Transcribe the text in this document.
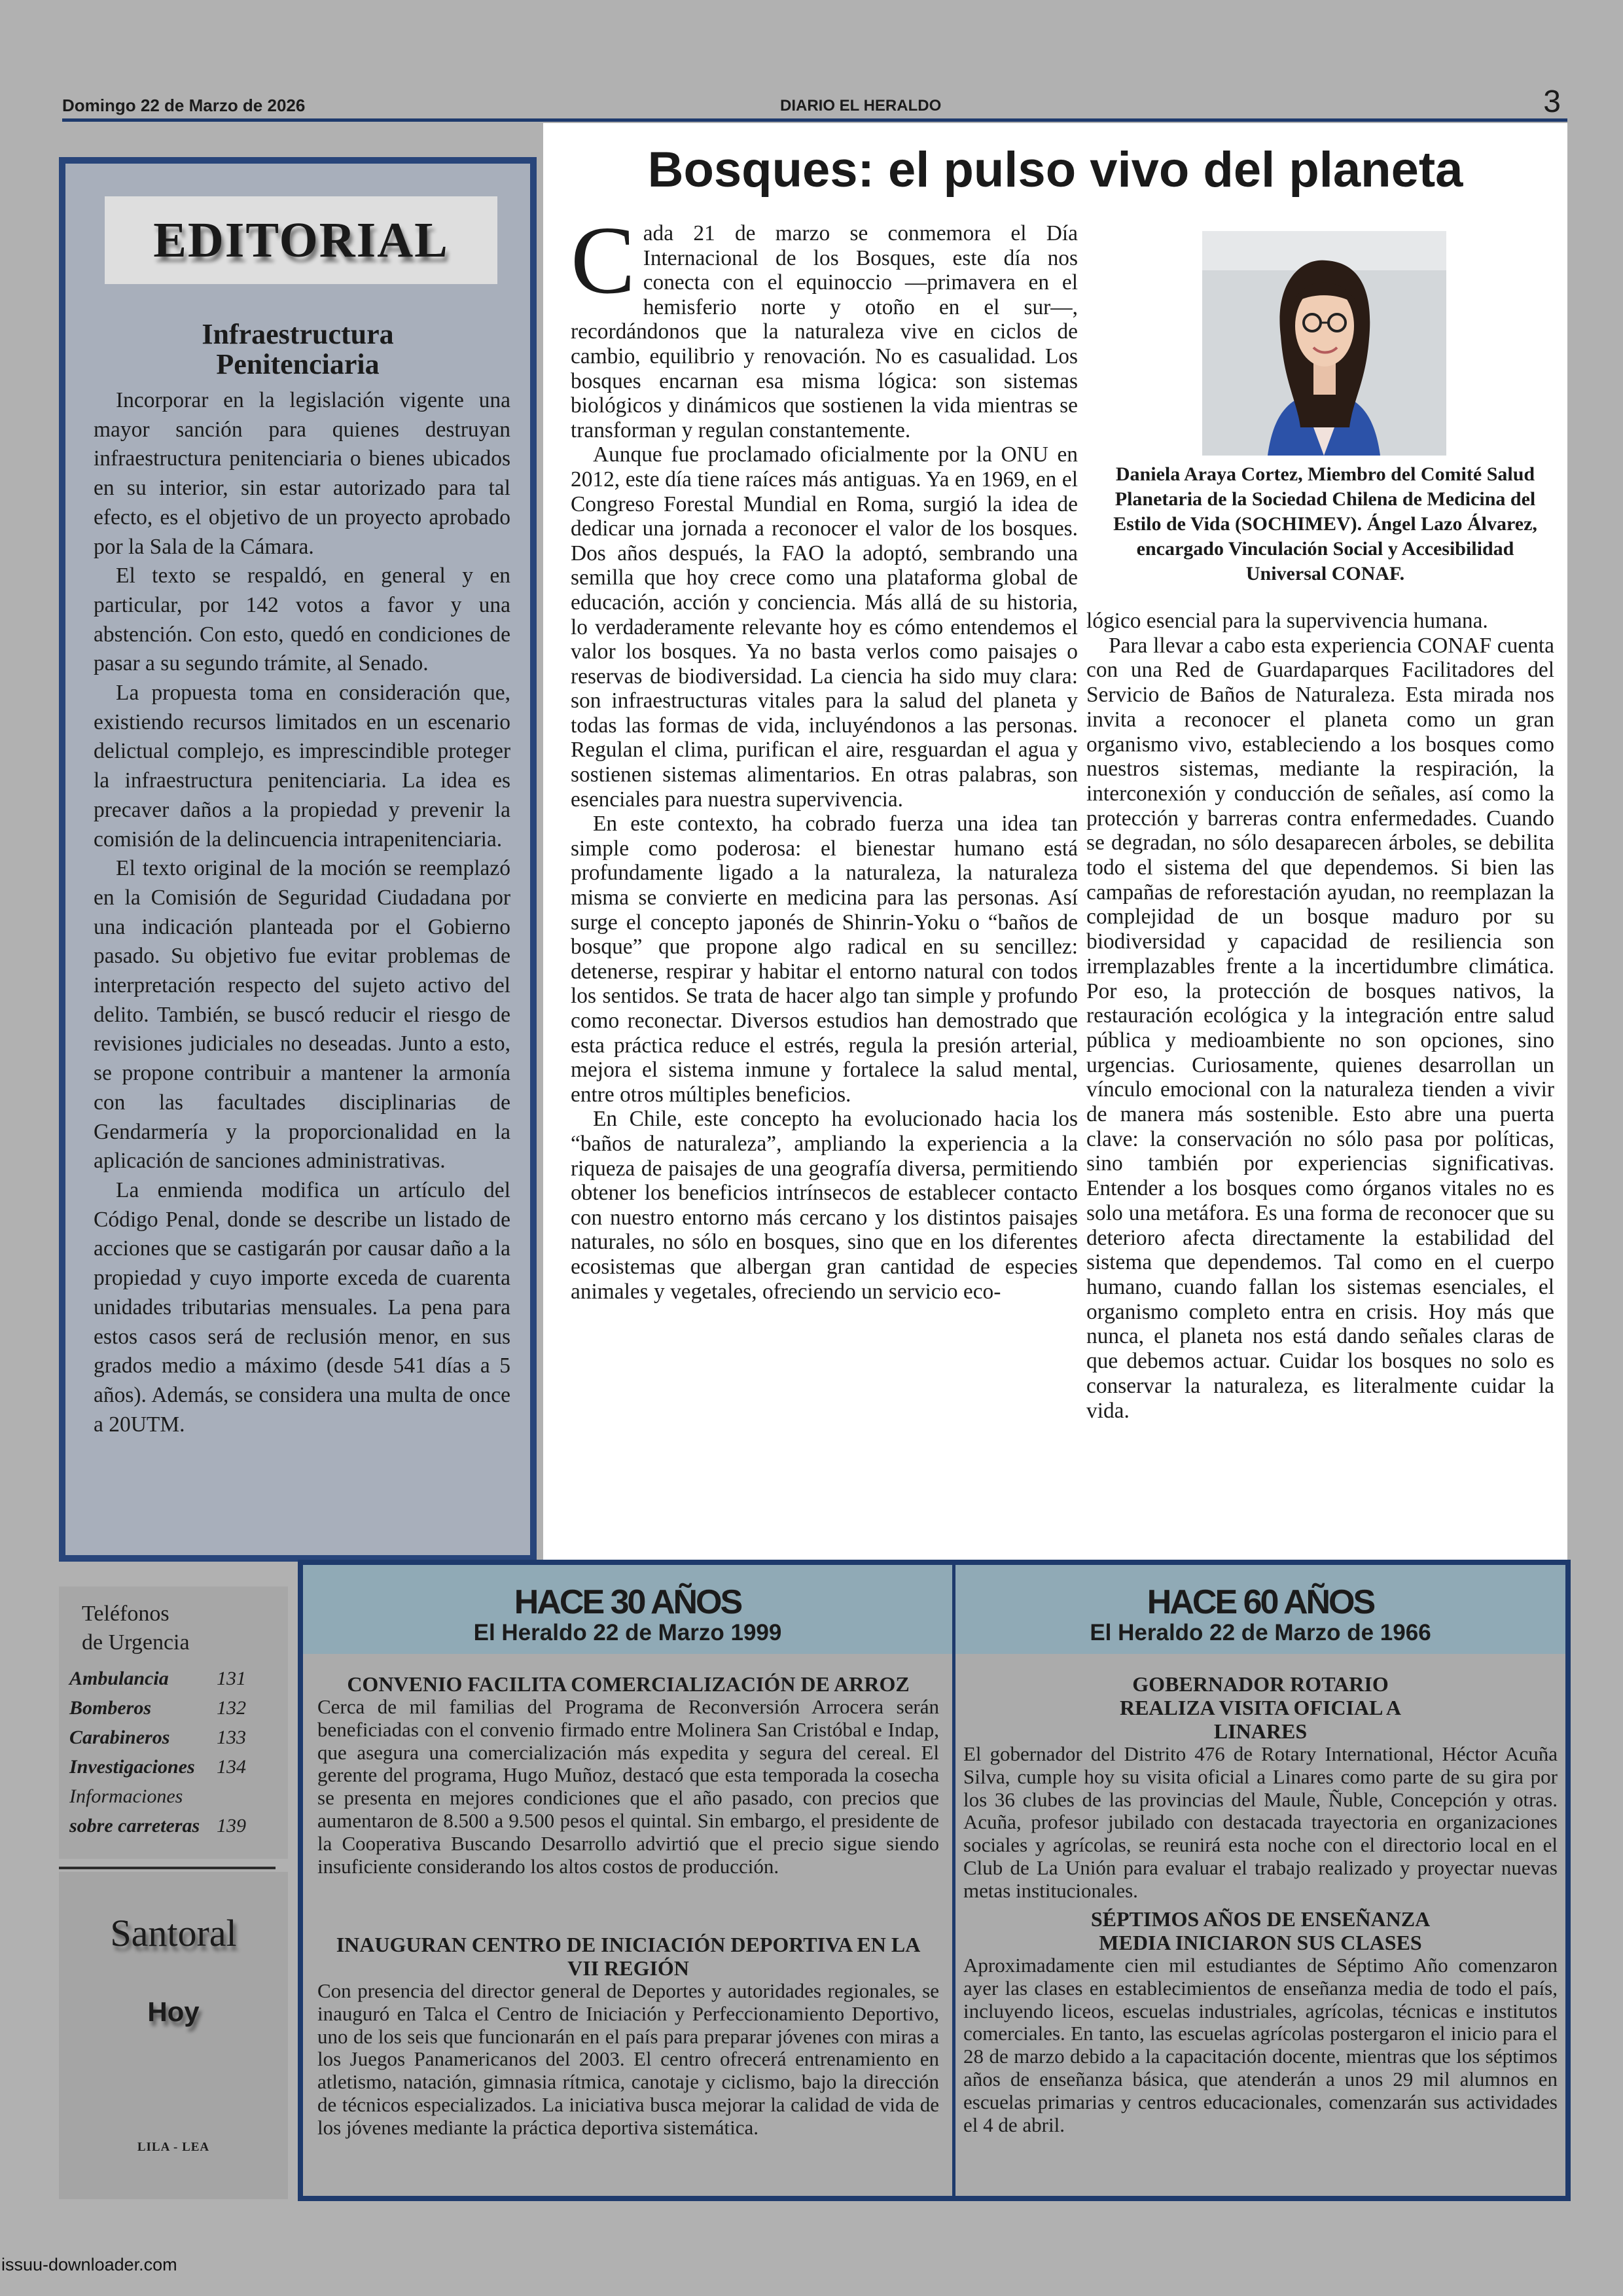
Domingo 22 de Marzo de 2026	DIARIO EL HERALDO	3
EDITORIAL
Infraestructura Penitenciaria

Incorporar en la legislación vigente una mayor sanción para quienes destruyan infraestructura penitenciaria o bienes ubicados en su interior, sin estar autorizado para tal efecto, es el objetivo de un proyecto aprobado por la Sala de la Cámara.

El texto se respaldó, en general y en particular, por 142 votos a favor y una abstención. Con esto, quedó en condiciones de pasar a su segundo trámite, al Senado.

La propuesta toma en consideración que, existiendo recursos limitados en un escenario delictual complejo, es imprescindible proteger la infraestructura penitenciaria. La idea es precaver daños a la propiedad y prevenir la comisión de la delincuencia intrapenitenciaria.

El texto original de la moción se reemplazó en la Comisión de Seguridad Ciudadana por una indicación planteada por el Gobierno pasado. Su objetivo fue evitar problemas de interpretación respecto del sujeto activo del delito. También, se buscó reducir el riesgo de revisiones judiciales no deseadas. Junto a esto, se propone contribuir a mantener la armonía con las facultades disciplinarias de Gendarmería y la proporcionalidad en la aplicación de sanciones administrativas.

La enmienda modifica un artículo del Código Penal, donde se describe un listado de acciones que se castigarán por causar daño a la propiedad y cuyo importe exceda de cuarenta unidades tributarias mensuales. La pena para estos casos será de reclusión menor, en sus grados medio a máximo (desde 541 días a 5 años). Además, se considera una multa de once a 20UTM.

Bosques: el pulso vivo del planeta

Cada 21 de marzo se conmemora el Día Internacional de los Bosques, este día nos conecta con el equinoccio —primavera en el hemisferio norte y otoño en el sur—, recordándonos que la naturaleza vive en ciclos de cambio, equilibrio y renovación. No es casualidad. Los bosques encarnan esa misma lógica: son sistemas biológicos y dinámicos que sostienen la vida mientras se transforman y regulan constantemente.

Aunque fue proclamado oficialmente por la ONU en 2012, este día tiene raíces más antiguas. Ya en 1969, en el Congreso Forestal Mundial en Roma, surgió la idea de dedicar una jornada a reconocer el valor de los bosques. Dos años después, la FAO la adoptó, sembrando una semilla que hoy crece como una plataforma global de educación, acción y conciencia. Más allá de su historia, lo verdaderamente relevante hoy es cómo entendemos el valor los bosques. Ya no basta verlos como paisajes o reservas de biodiversidad. La ciencia ha sido muy clara: son infraestructuras vitales para la salud del planeta y todas las formas de vida, incluyéndonos a las personas. Regulan el clima, purifican el aire, resguardan el agua y sostienen sistemas alimentarios. En otras palabras, son esenciales para nuestra supervivencia.

En este contexto, ha cobrado fuerza una idea tan simple como poderosa: el bienestar humano está profundamente ligado a la naturaleza, la naturaleza misma se convierte en medicina para las personas. Así surge el concepto japonés de Shinrin-Yoku o “baños de bosque” que propone algo radical en su sencillez: detenerse, respirar y habitar el entorno natural con todos los sentidos. Se trata de hacer algo tan simple y profundo como reconectar. Diversos estudios han demostrado que esta práctica reduce el estrés, regula la presión arterial, mejora el sistema inmune y fortalece la salud mental, entre otros múltiples beneficios.

En Chile, este concepto ha evolucionado hacia los “baños de naturaleza”, ampliando la experiencia a la riqueza de paisajes de una geografía diversa, permitiendo obtener los beneficios intrínsecos de establecer contacto con nuestro entorno más cercano y los distintos paisajes naturales, no sólo en bosques, sino que en los diferentes ecosistemas que albergan gran cantidad de especies animales y vegetales, ofreciendo un servicio eco-

Daniela Araya Cortez, Miembro del Comité Salud Planetaria de la Sociedad Chilena de Medicina del Estilo de Vida (SOCHIMEV). Ángel Lazo Álvarez, encargado Vinculación Social y Accesibilidad Universal CONAF.

lógico esencial para la supervivencia humana.

Para llevar a cabo esta experiencia CONAF cuenta con una Red de Guardaparques Facilitadores del Servicio de Baños de Naturaleza. Esta mirada nos invita a reconocer el planeta como un gran organismo vivo, estableciendo a los bosques como nuestros sistemas, mediante la respiración, la interconexión y conducción de señales, así como la protección y barreras contra enfermedades. Cuando se degradan, no sólo desaparecen árboles, se debilita todo el sistema del que dependemos. Si bien las campañas de reforestación ayudan, no reemplazan la complejidad de un bosque maduro por su biodiversidad y capacidad de resiliencia son irremplazables frente a la incertidumbre climática. Por eso, la protección de bosques nativos, la restauración ecológica y la integración entre salud pública y medioambiente no son opciones, sino urgencias. Curiosamente, quienes desarrollan un vínculo emocional con la naturaleza tienden a vivir de manera más sostenible. Esto abre una puerta clave: la conservación no sólo pasa por políticas, sino también por experiencias significativas. Entender a los bosques como órganos vitales no es solo una metáfora. Es una forma de reconocer que su deterioro afecta directamente la estabilidad del sistema que dependemos. Tal como en el cuerpo humano, cuando fallan los sistemas esenciales, el organismo completo entra en crisis. Hoy más que nunca, el planeta nos está dando señales claras de que debemos actuar. Cuidar los bosques no solo es conservar la naturaleza, es literalmente cuidar la vida.

Teléfonos
de Urgencia
Ambulancia 131
Bomberos	132
Carabineros 133
Investigaciones 134
Informaciones
sobre carreteras 139
Santoral
Hoy
LILA - LEA
HACE 30 AÑOS
El Heraldo 22 de Marzo 1999
CONVENIO FACILITA COMERCIALIZACIÓN DE ARROZ

Cerca de mil familias del Programa de Reconversión Arrocera serán beneficiadas con el convenio firmado entre Molinera San Cristóbal e Indap, que asegura una comercialización más expedita y segura del cereal. El gerente del programa, Hugo Muñoz, destacó que esta temporada la cosecha se presenta en mejores condiciones que el año pasado, con precios que aumentaron de 8.500 a 9.500 pesos el quintal. Sin embargo, el presidente de la Cooperativa Buscando Desarrollo advirtió que el precio sigue siendo insuficiente considerando los altos costos de producción.

INAUGURAN CENTRO DE INICIACIÓN DEPORTIVA EN LA VII REGIÓN

Con presencia del director general de Deportes y autoridades regionales, se inauguró en Talca el Centro de Iniciación y Perfeccionamiento Deportivo, uno de los seis que funcionarán en el país para preparar jóvenes con miras a los Juegos Panamericanos del 2003. El centro ofrecerá entrenamiento en atletismo, natación, gimnasia rítmica, canotaje y ciclismo, bajo la dirección de técnicos especializados. La iniciativa busca mejorar la calidad de vida de los jóvenes mediante la práctica deportiva sistemática.

HACE 60 AÑOS
El Heraldo 22 de Marzo de 1966
GOBERNADOR ROTARIO REALIZA VISITA OFICIAL A LINARES

El gobernador del Distrito 476 de Rotary International, Héctor Acuña Silva, cumple hoy su visita oficial a Linares como parte de su gira por los 36 clubes de las provincias del Maule, Ñuble, Concepción y otras. Acuña, profesor jubilado con destacada trayectoria en organizaciones sociales y agrícolas, se reunirá esta noche con el directorio local en el Club de La Unión para evaluar el trabajo realizado y proyectar nuevas metas institucionales.

SÉPTIMOS AÑOS DE ENSEÑANZA MEDIA INICIARON SUS CLASES

Aproximadamente cien mil estudiantes de Séptimo Año comenzaron ayer las clases en establecimientos de enseñanza media de todo el país, incluyendo liceos, escuelas industriales, agrícolas, técnicas e institutos comerciales. En tanto, las escuelas agrícolas postergaron el inicio para el 28 de marzo debido a la capacitación docente, mientras que los séptimos años de enseñanza básica, que atenderán a unos 29 mil alumnos en escuelas primarias y centros educacionales, comenzarán sus actividades el 4 de abril.

issuu-downloader.com
